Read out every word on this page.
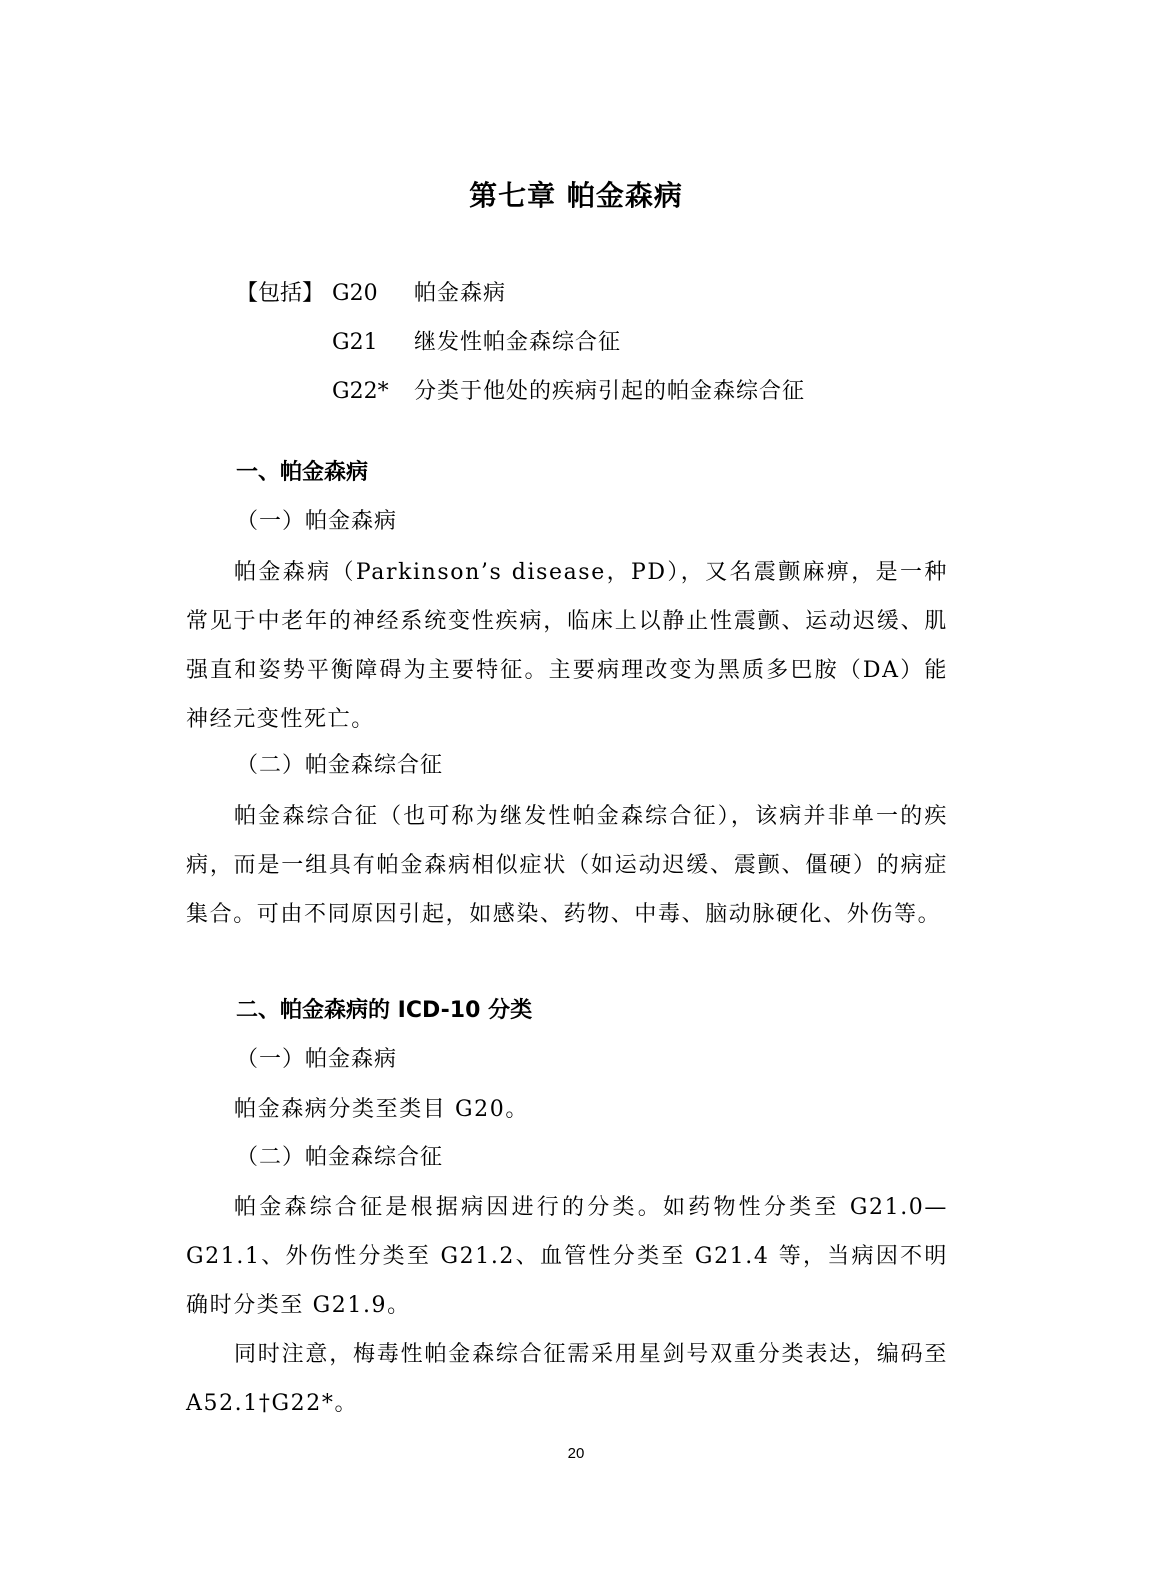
第七章 帕金森病
【包括】 G20 帕金森病
G21 继发性帕金森综合征
G22* 分类于他处的疾病引起的帕金森综合征
一、帕金森病
（一）帕金森病

帕金森病（Parkinson’s disease，PD），又名震颤麻痹，是一种常见于中老年的神经系统变性疾病，临床上以静止性震颤、运动迟缓、肌强直和姿势平衡障碍为主要特征。主要病理改变为黑质多巴胺（DA）能神经元变性死亡。

（二）帕金森综合征

帕金森综合征（也可称为继发性帕金森综合征），该病并非单一的疾病，而是一组具有帕金森病相似症状（如运动迟缓、震颤、僵硬）的病症集合。可由不同原因引起，如感染、药物、中毒、脑动脉硬化、外伤等。

二、帕金森病的 ICD-10 分类
（一）帕金森病

帕金森病分类至类目 G20。

（二）帕金森综合征

帕金森综合征是根据病因进行的分类。如药物性分类至 G21.0—G21.1、外伤性分类至 G21.2、血管性分类至 G21.4 等，当病因不明确时分类至 G21.9。

同时注意，梅毒性帕金森综合征需采用星剑号双重分类表达，编码至 A52.1†G22*。

20
